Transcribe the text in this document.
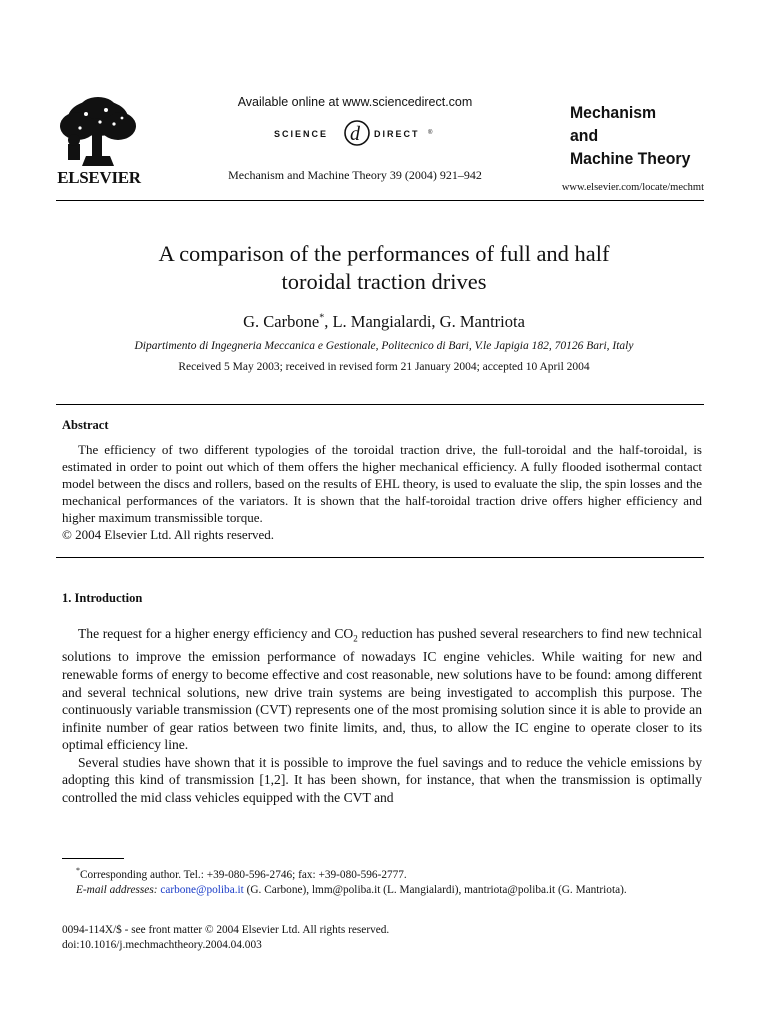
ELSEVIER
Available online at www.sciencedirect.com
SCIENCE d DIRECT ®
Mechanism and Machine Theory 39 (2004) 921–942
Mechanism
and
Machine Theory
www.elsevier.com/locate/mechmt
A comparison of the performances of full and half
toroidal traction drives
G. Carbone*, L. Mangialardi, G. Mantriota
Dipartimento di Ingegneria Meccanica e Gestionale, Politecnico di Bari, V.le Japigia 182, 70126 Bari, Italy
Received 5 May 2003; received in revised form 21 January 2004; accepted 10 April 2004
Abstract

The efficiency of two different typologies of the toroidal traction drive, the full-toroidal and the half-toroidal, is estimated in order to point out which of them offers the higher mechanical efficiency. A fully flooded isothermal contact model between the discs and rollers, based on the results of EHL theory, is used to evaluate the slip, the spin losses and the mechanical performances of the variators. It is shown that the half-toroidal traction drive offers higher efficiency and higher maximum transmissible torque.

© 2004 Elsevier Ltd. All rights reserved.

1. Introduction

The request for a higher energy efficiency and $CO_2$ reduction has pushed several researchers to find new technical solutions to improve the emission performance of nowadays IC engine vehicles. While waiting for new and renewable forms of energy to become effective and cost reasonable, new solutions have to be found: among different and several technical solutions, new drive train systems are being investigated to accomplish this purpose. The continuously variable transmission (CVT) represents one of the most promising solution since it is able to provide an infinite number of gear ratios between two finite limits, and, thus, to allow the IC engine to operate closer to its optimal efficiency line.

Several studies have shown that it is possible to improve the fuel savings and to reduce the vehicle emissions by adopting this kind of transmission [1,2]. It has been shown, for instance, that when the transmission is optimally controlled the mid class vehicles equipped with the CVT and

*Corresponding author. Tel.: +39-080-596-2746; fax: +39-080-596-2777.

E-mail addresses: carbone@poliba.it (G. Carbone), lmm@poliba.it (L. Mangialardi), mantriota@poliba.it (G. Mantriota).

0094-114X/$ - see front matter © 2004 Elsevier Ltd. All rights reserved.

doi:10.1016/j.mechmachtheory.2004.04.003
